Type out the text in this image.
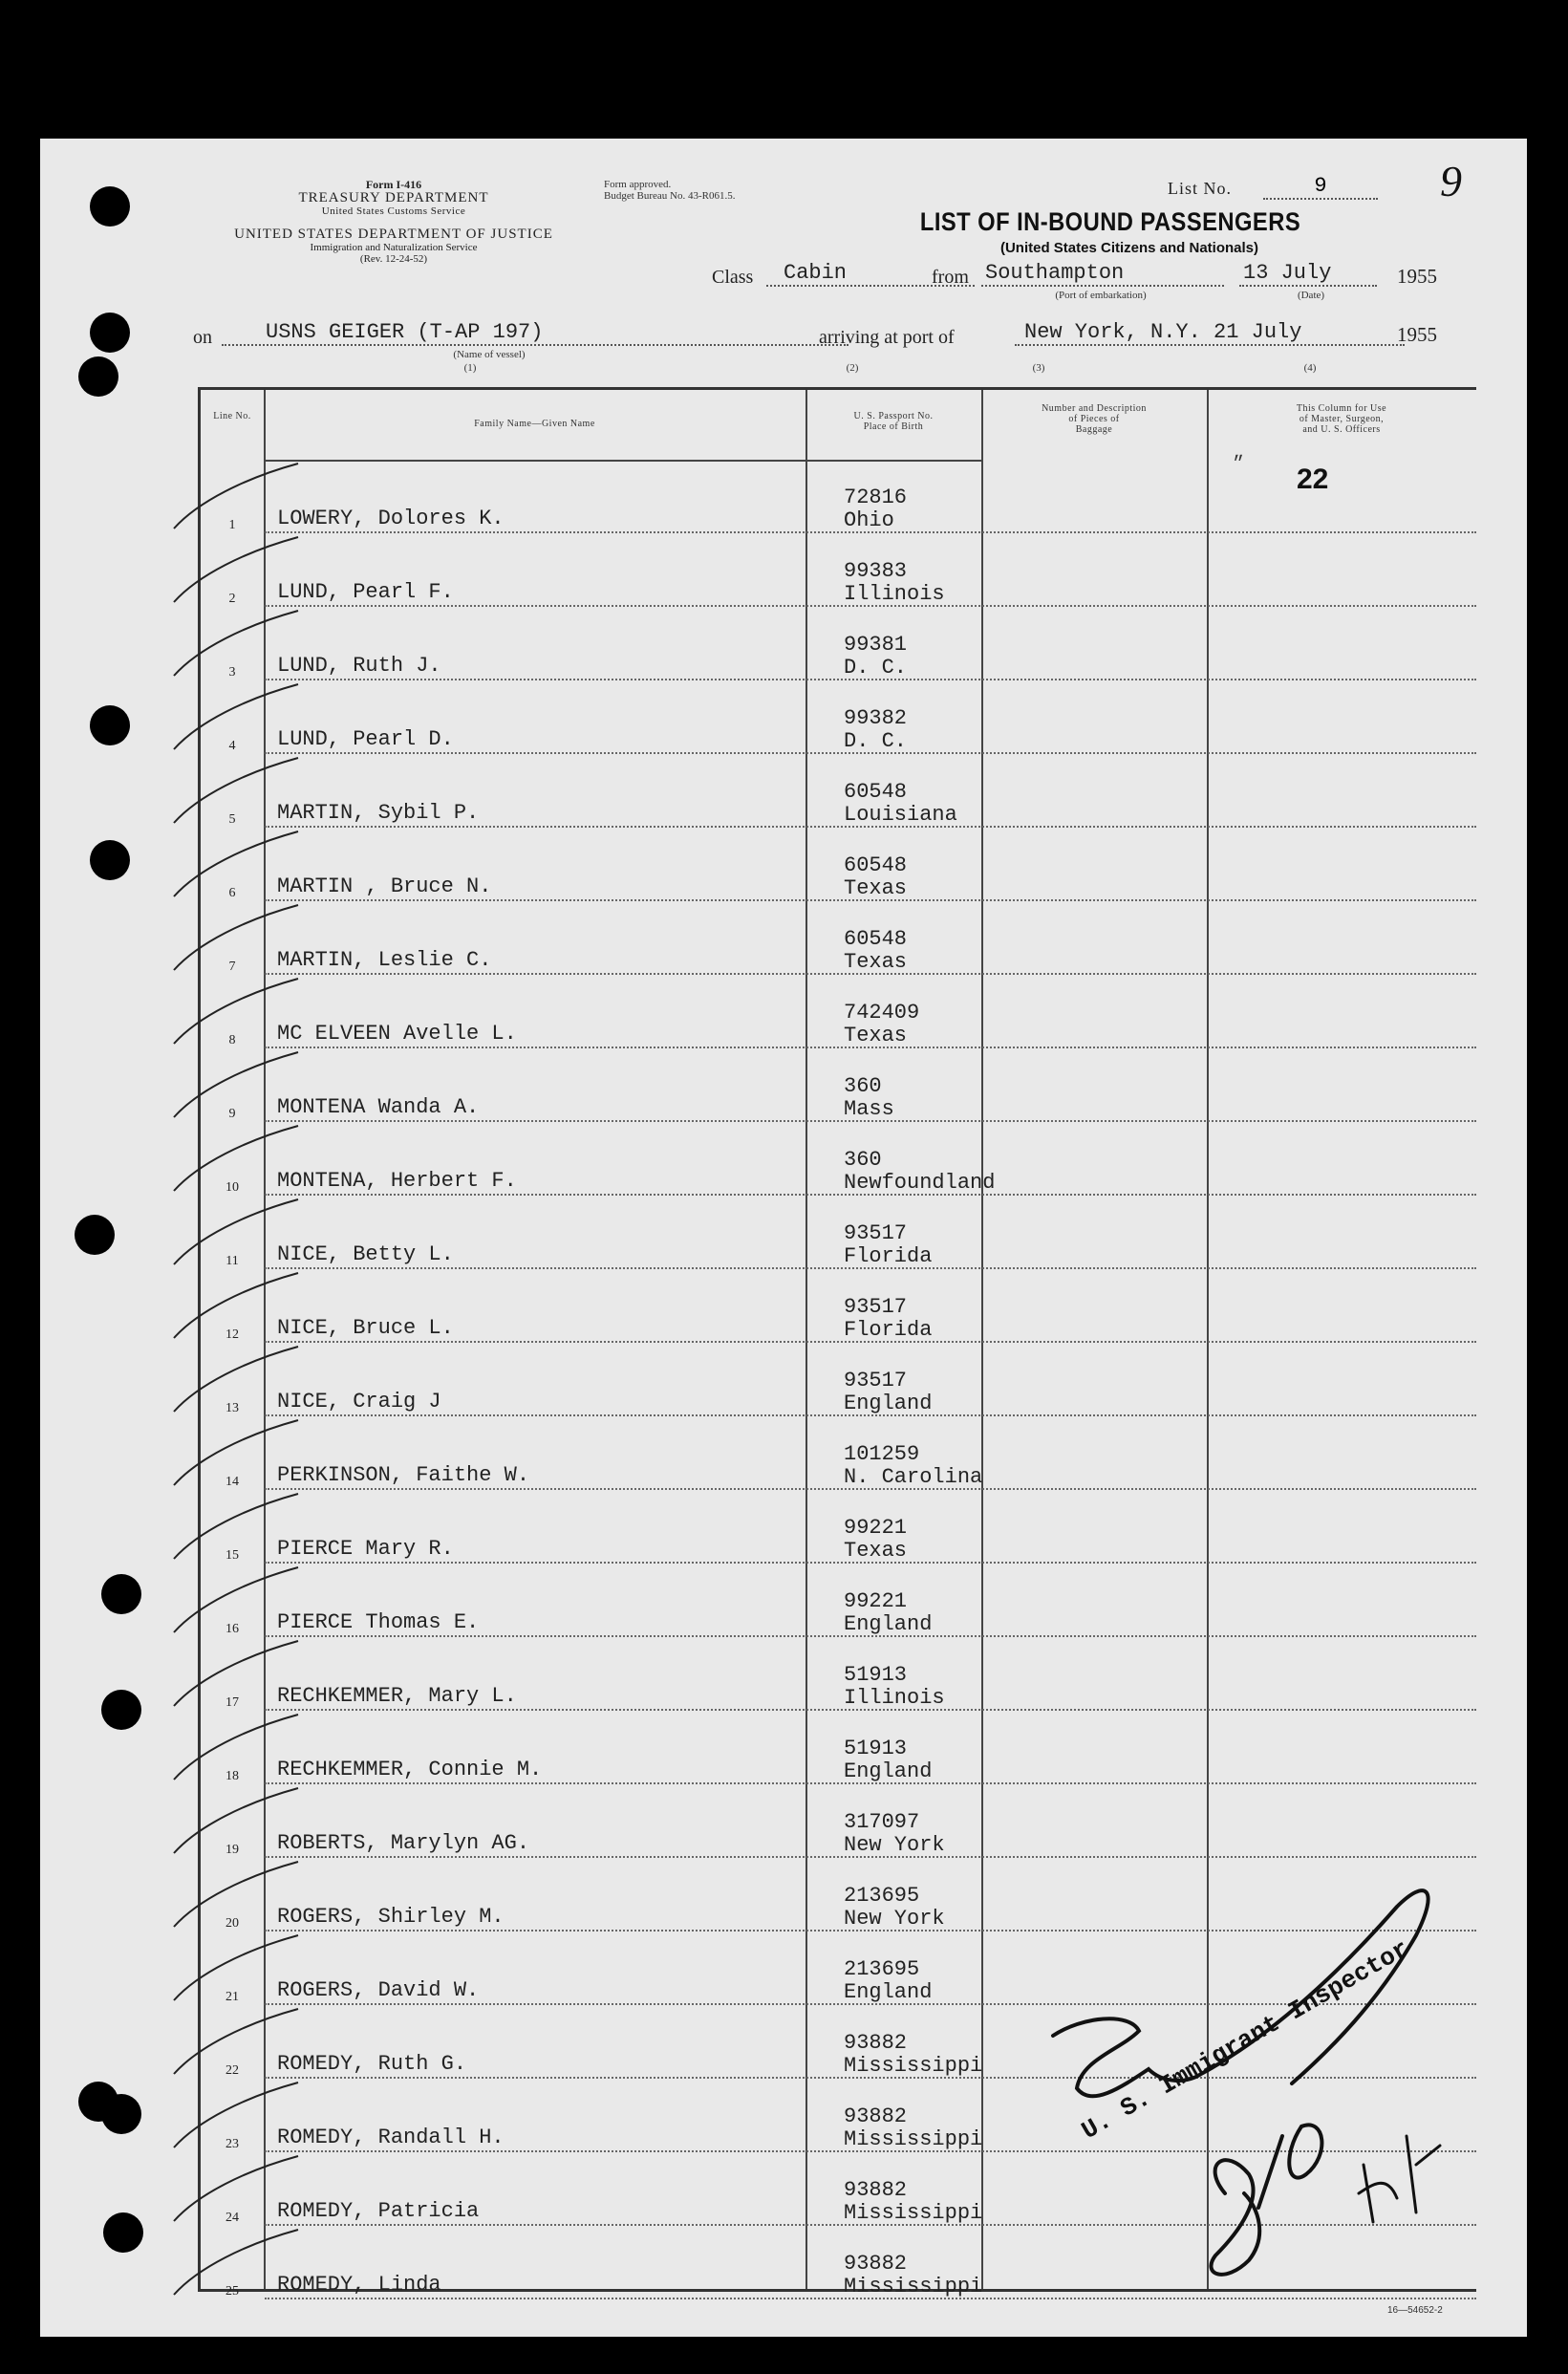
Form I-416
TREASURY DEPARTMENT
United States Customs Service
UNITED STATES DEPARTMENT OF JUSTICE
Immigration and Naturalization Service
(Rev. 12-24-52)
Form approved.
Budget Bureau No. 43-R061.5.	List No.	9	9
LIST OF IN-BOUND PASSENGERS
(United States Citizens and Nationals)
Class	Cabin	from Southampton
(Port of embarkation)
13 July	1955
(Date)
on	USNS GEIGER (T-AP 197)
(Name of vessel)
(1)
arriving at port of	New York, N.Y. 21 July	1955
(2)	(3)	(4)
Line No.
Family Name—Given Name
U. S. Passport No.
Place of Birth
Number and Description
of Pieces of
Baggage
This Column for Use
of Master, Surgeon,
and U. S. Officers
1	LOWERY, Dolores K.
72816
Ohio
2	LUND, Pearl F.
99383
Illinois
3	LUND, Ruth J.
99381
D. C.
4	LUND, Pearl D.
99382
D. C.
5	MARTIN, Sybil P.
60548
Louisiana
6	MARTIN , Bruce N.
60548
Texas
7	MARTIN, Leslie C.
60548
Texas
8	MC ELVEEN Avelle L.
742409
Texas
9	MONTENA Wanda A.
360
Mass
10	MONTENA, Herbert F.
360
Newfoundland
11	NICE, Betty L.
93517
Florida
12	NICE, Bruce L.
93517
Florida
13	NICE, Craig J
93517
England
14	PERKINSON, Faithe W.
101259
N. Carolina
15	PIERCE Mary R.
99221
Texas
16	PIERCE Thomas E.
99221
England
17	RECHKEMMER, Mary L.
51913
Illinois
18	RECHKEMMER, Connie M.
51913
England
19	ROBERTS, Marylyn AG.
317097
New York
20	ROGERS, Shirley M.
213695
New York
21	ROGERS, David W.
213695
England
22	ROMEDY, Ruth G.
93882
Mississippi
23	ROMEDY, Randall H.
93882
Mississippi
24	ROMEDY, Patricia
93882
Mississippi
25	ROMEDY, Linda
93882
Mississippi
״ 22
U. S. Immigrant Inspector
16—54652-2
